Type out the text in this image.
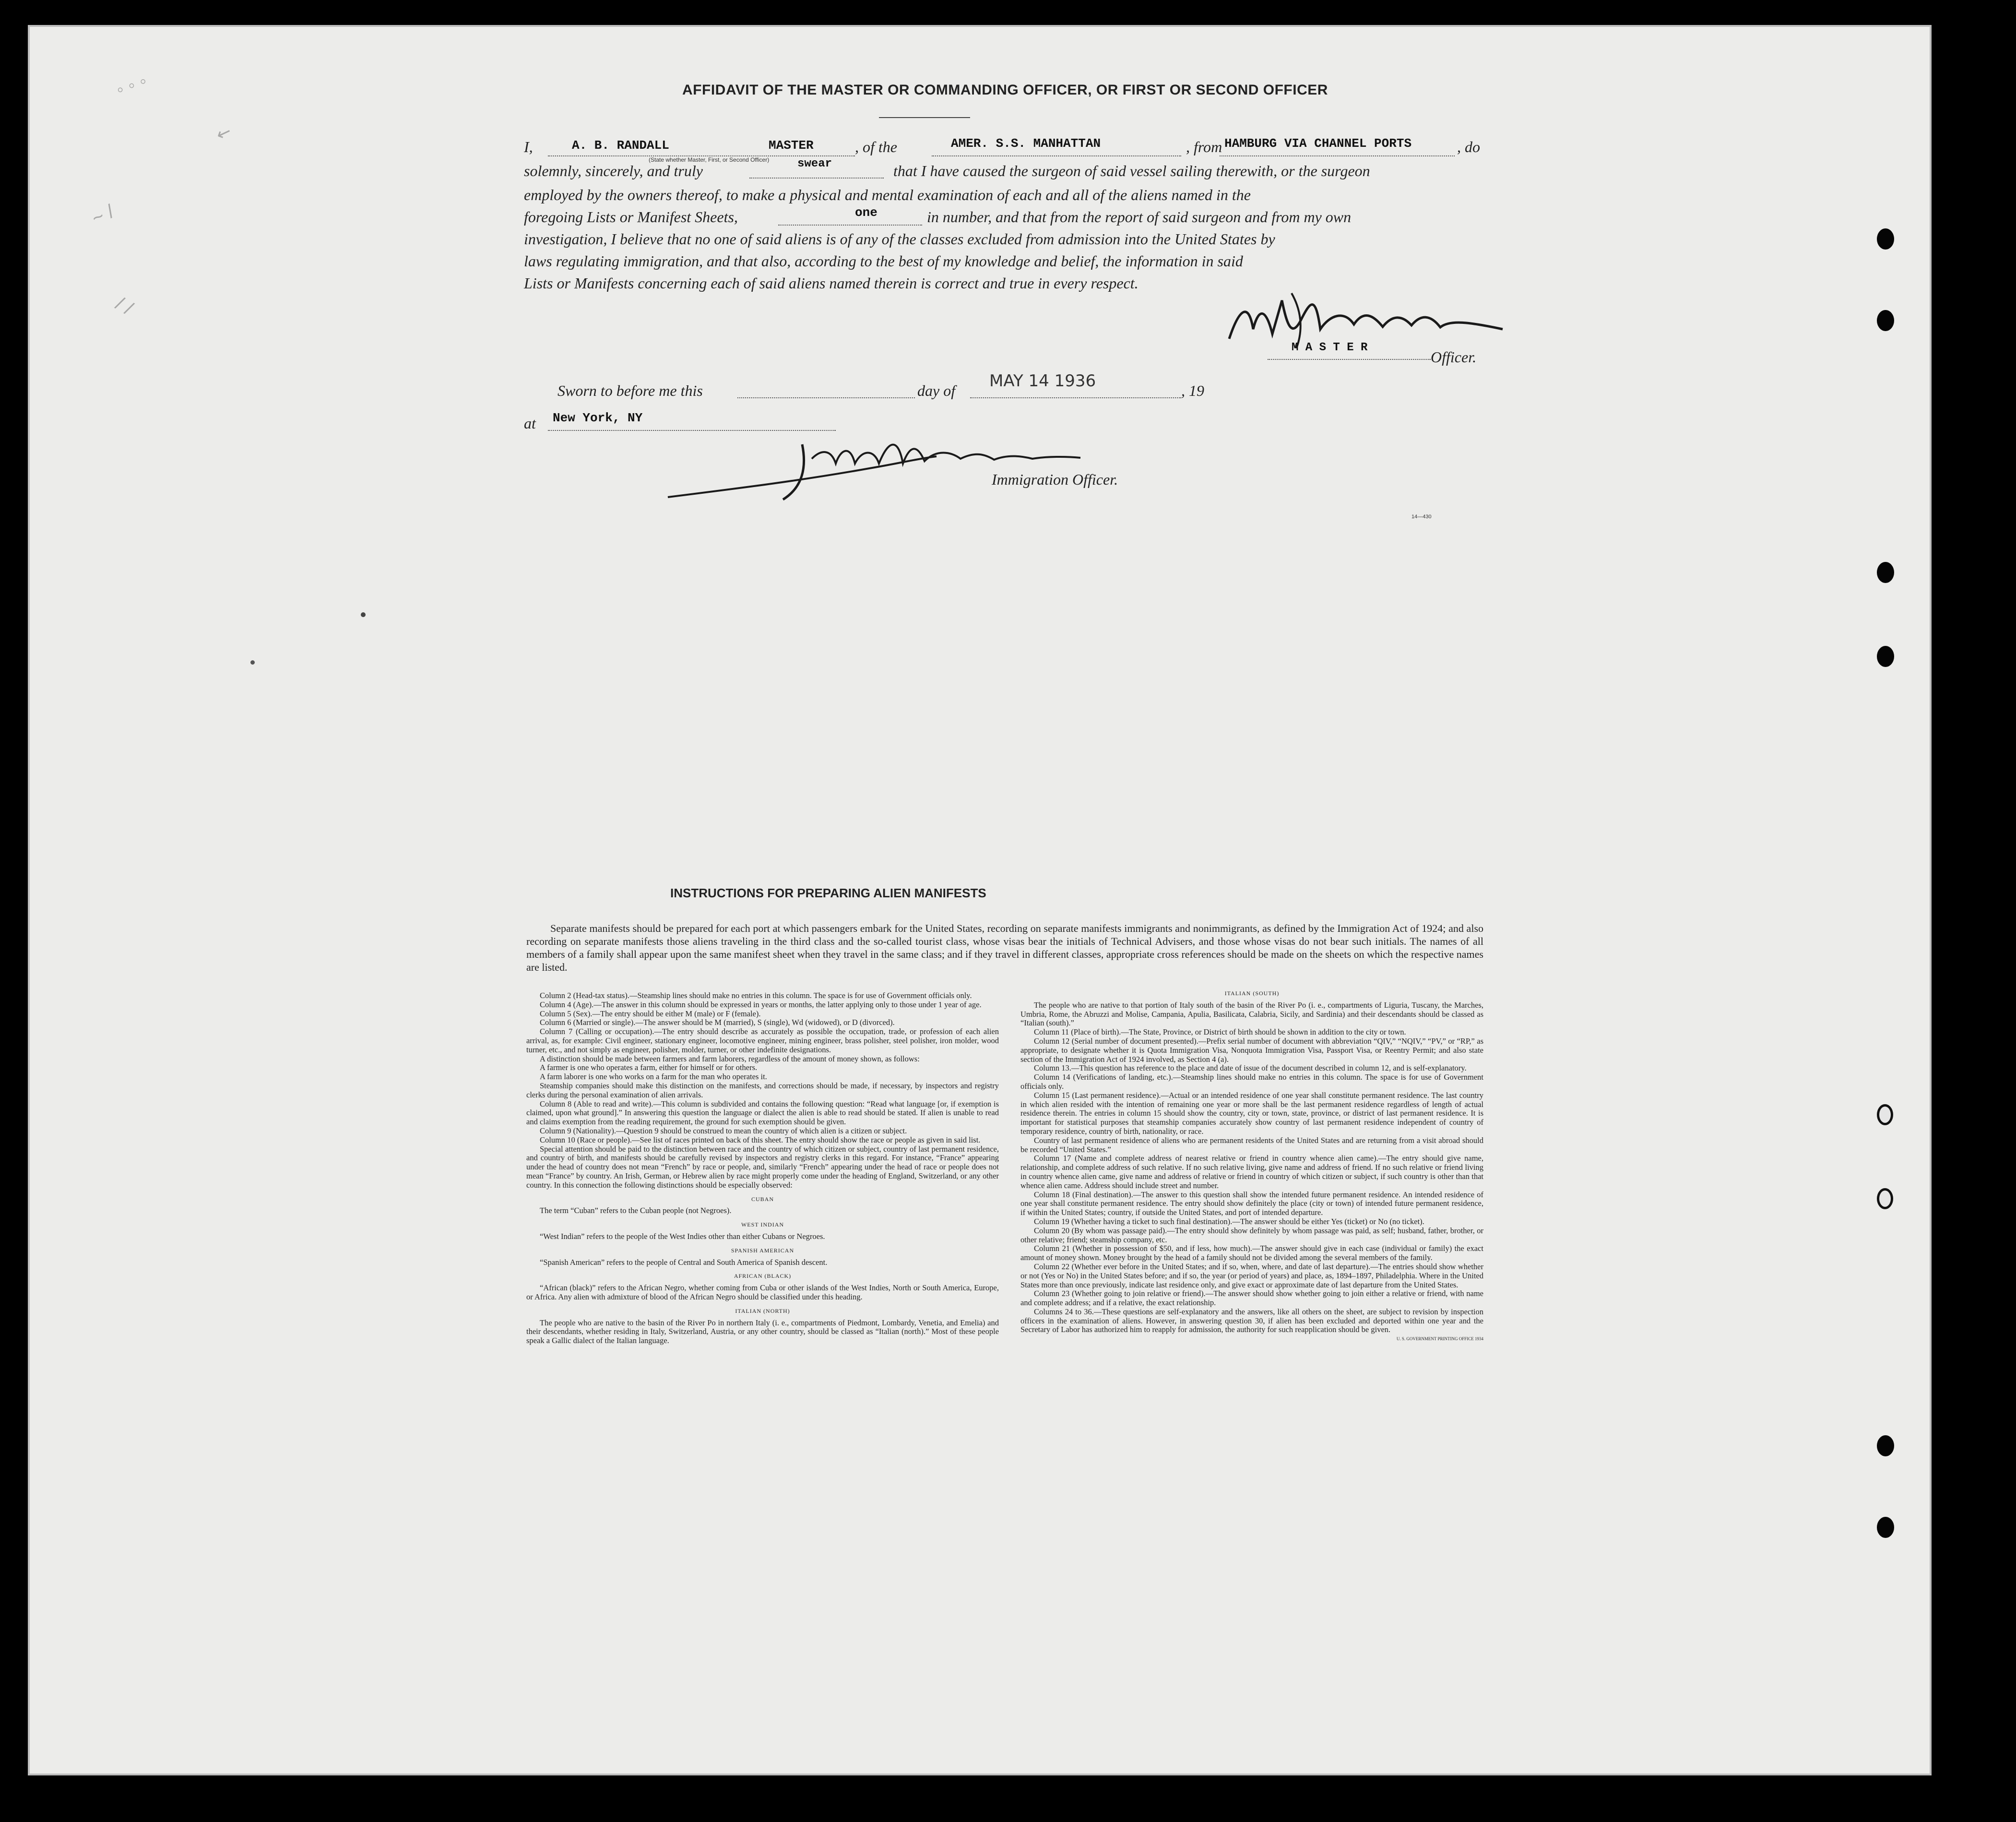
◦ ◦ ◦
↙
~ /
/ /
AFFIDAVIT OF THE MASTER OR COMMANDING OFFICER, OR FIRST OR SECOND OFFICER
I,	A. B. RANDALL	MASTER
(State whether Master, First, or Second Officer)
, of the	AMER. S.S. MANHATTAN	, from HAMBURG VIA CHANNEL PORTS	, do
solemnly, sincerely, and truly	swear	that I have caused the surgeon of said vessel sailing therewith, or the surgeon
employed by the owners thereof, to make a physical and mental examination of each and all of the aliens named in the
foregoing Lists or Manifest Sheets,	one	in number, and that from the report of said surgeon and from my own
investigation, I believe that no one of said aliens is of any of the classes excluded from admission into the United States by
laws regulating immigration, and that also, according to the best of my knowledge and belief, the information in said
Lists or Manifests concerning each of said aliens named therein is correct and true in every respect.
M A S T E R
Officer.
Sworn to before me this	day of MAY 14 1936	, 19
at New York, NY
Immigration Officer.
14—430
INSTRUCTIONS FOR PREPARING ALIEN MANIFESTS
Separate manifests should be prepared for each port at which passengers embark for the United States, recording on separate manifests immigrants and nonimmigrants, as defined by the Immigration Act of 1924; and also recording on separate manifests those aliens traveling in the third class and the so-called tourist class, whose visas bear the initials of Technical Advisers, and those whose visas do not bear such initials. The names of all members of a family shall appear upon the same manifest sheet when they travel in the same class; and if they travel in different classes, appropriate cross references should be made on the sheets on which the respective names are listed.

Column 2 (Head-tax status).—Steamship lines should make no entries in this column. The space is for use of Government officials only.

Column 4 (Age).—The answer in this column should be expressed in years or months, the latter applying only to those under 1 year of age.

Column 5 (Sex).—The entry should be either M (male) or F (female).

Column 6 (Married or single).—The answer should be M (married), S (single), Wd (widowed), or D (divorced).

Column 7 (Calling or occupation).—The entry should describe as accurately as possible the occupation, trade, or profession of each alien arrival, as, for example: Civil engineer, stationary engineer, locomotive engineer, mining engineer, brass polisher, steel polisher, iron molder, wood turner, etc., and not simply as engineer, polisher, molder, turner, or other indefinite designations.

A distinction should be made between farmers and farm laborers, regardless of the amount of money shown, as follows:

A farmer is one who operates a farm, either for himself or for others.

A farm laborer is one who works on a farm for the man who operates it.

Steamship companies should make this distinction on the manifests, and corrections should be made, if necessary, by inspectors and registry clerks during the personal examination of alien arrivals.

Column 8 (Able to read and write).—This column is subdivided and contains the following question: “Read what language [or, if exemption is claimed, upon what ground].” In answering this question the language or dialect the alien is able to read should be stated. If alien is unable to read and claims exemption from the reading requirement, the ground for such exemption should be given.

Column 9 (Nationality).—Question 9 should be construed to mean the country of which alien is a citizen or subject.

Column 10 (Race or people).—See list of races printed on back of this sheet. The entry should show the race or people as given in said list.

Special attention should be paid to the distinction between race and the country of which citizen or subject, country of last permanent residence, and country of birth, and manifests should be carefully revised by inspectors and registry clerks in this regard. For instance, “France” appearing under the head of country does not mean “French” by race or people, and, similarly “French” appearing under the head of race or people does not mean “France” by country. An Irish, German, or Hebrew alien by race might properly come under the heading of England, Switzerland, or any other country. In this connection the following distinctions should be especially observed:

CUBAN

The term “Cuban” refers to the Cuban people (not Negroes).

WEST INDIAN

“West Indian” refers to the people of the West Indies other than either Cubans or Negroes.

SPANISH AMERICAN

“Spanish American” refers to the people of Central and South America of Spanish descent.

AFRICAN (BLACK)

“African (black)” refers to the African Negro, whether coming from Cuba or other islands of the West Indies, North or South America, Europe, or Africa. Any alien with admixture of blood of the African Negro should be classified under this heading.

ITALIAN (NORTH)

The people who are native to the basin of the River Po in northern Italy (i. e., compartments of Piedmont, Lombardy, Venetia, and Emelia) and their descendants, whether residing in Italy, Switzerland, Austria, or any other country, should be classed as “Italian (north).” Most of these people speak a Gallic dialect of the Italian language.

ITALIAN (SOUTH)

The people who are native to that portion of Italy south of the basin of the River Po (i. e., compartments of Liguria, Tuscany, the Marches, Umbria, Rome, the Abruzzi and Molise, Campania, Apulia, Basilicata, Calabria, Sicily, and Sardinia) and their descendants should be classed as “Italian (south).”

Column 11 (Place of birth).—The State, Province, or District of birth should be shown in addition to the city or town.

Column 12 (Serial number of document presented).—Prefix serial number of document with abbreviation “QIV,” “NQIV,” “PV,” or “RP,” as appropriate, to designate whether it is Quota Immigration Visa, Nonquota Immigration Visa, Passport Visa, or Reentry Permit; and also state section of the Immigration Act of 1924 involved, as Section 4 (a).

Column 13.—This question has reference to the place and date of issue of the document described in column 12, and is self-explanatory.

Column 14 (Verifications of landing, etc.).—Steamship lines should make no entries in this column. The space is for use of Government officials only.

Column 15 (Last permanent residence).—Actual or an intended residence of one year shall constitute permanent residence. The last country in which alien resided with the intention of remaining one year or more shall be the last permanent residence regardless of length of actual residence therein. The entries in column 15 should show the country, city or town, state, province, or district of last permanent residence. It is important for statistical purposes that steamship companies accurately show country of last permanent residence independent of country of temporary residence, country of birth, nationality, or race.

Country of last permanent residence of aliens who are permanent residents of the United States and are returning from a visit abroad should be recorded “United States.”

Column 17 (Name and complete address of nearest relative or friend in country whence alien came).—The entry should give name, relationship, and complete address of such relative. If no such relative living, give name and address of friend. If no such relative or friend living in country whence alien came, give name and address of relative or friend in country of which citizen or subject, if such country is other than that whence alien came. Address should include street and number.

Column 18 (Final destination).—The answer to this question shall show the intended future permanent residence. An intended residence of one year shall constitute permanent residence. The entry should show definitely the place (city or town) of intended future permanent residence, if within the United States; country, if outside the United States, and port of intended departure.

Column 19 (Whether having a ticket to such final destination).—The answer should be either Yes (ticket) or No (no ticket).

Column 20 (By whom was passage paid).—The entry should show definitely by whom passage was paid, as self; husband, father, brother, or other relative; friend; steamship company, etc.

Column 21 (Whether in possession of $50, and if less, how much).—The answer should give in each case (individual or family) the exact amount of money shown. Money brought by the head of a family should not be divided among the several members of the family.

Column 22 (Whether ever before in the United States; and if so, when, where, and date of last departure).—The entries should show whether or not (Yes or No) in the United States before; and if so, the year (or period of years) and place, as, 1894–1897, Philadelphia. Where in the United States more than once previously, indicate last residence only, and give exact or approximate date of last departure from the United States.

Column 23 (Whether going to join relative or friend).—The answer should show whether going to join either a relative or friend, with name and complete address; and if a relative, the exact relationship.

Columns 24 to 36.—These questions are self-explanatory and the answers, like all others on the sheet, are subject to revision by inspection officers in the examination of aliens. However, in answering question 30, if alien has been excluded and deported within one year and the Secretary of Labor has authorized him to reapply for admission, the authority for such reapplication should be given.

U. S. GOVERNMENT PRINTING OFFICE 1934
